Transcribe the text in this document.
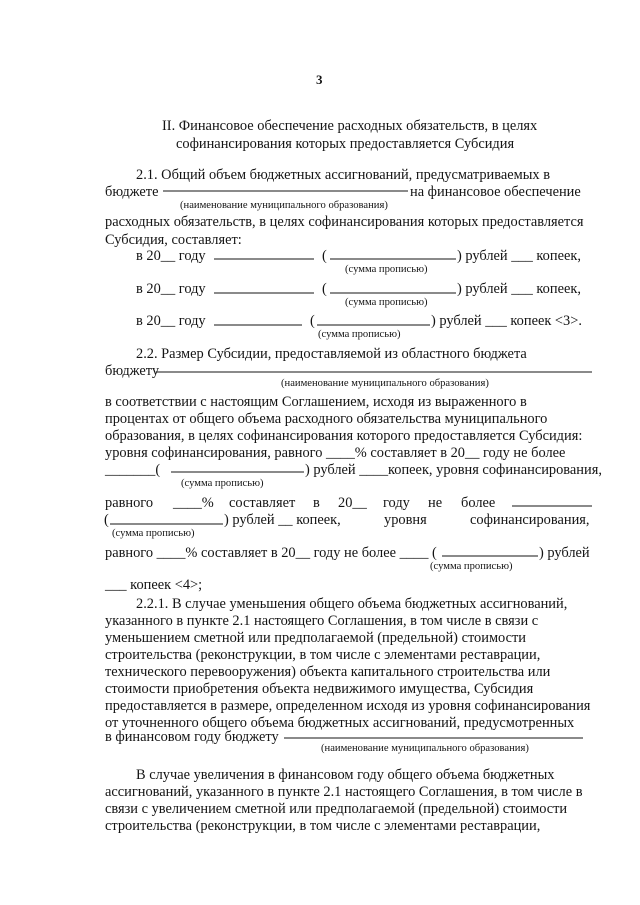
3
II. Финансовое обеспечение расходных обязательств, в целях
софинансирования которых предоставляется Субсидия
2.1. Общий объем бюджетных ассигнований, предусматриваемых в
бюджете	на финансовое обеспечение
(наименование муниципального образования)
расходных обязательств, в целях софинансирования которых предоставляется
Субсидия, составляет:
в 20__ году	(	) рублей ___ копеек,
(сумма прописью)
в 20__ году	(	) рублей ___ копеек,
(сумма прописью)
в 20__ году	(	) рублей ___ копеек <3>.
(сумма прописью)
2.2. Размер Субсидии, предоставляемой из областного бюджета
бюджету
(наименование муниципального образования)
в соответствии с настоящим Соглашением, исходя из выраженного в
процентах от общего объема расходного обязательства муниципального
образования, в целях софинансирования которого предоставляется Субсидия:
уровня софинансирования, равного ____% составляет в 20__ году не более
_______(	) рублей ____копеек, уровня софинансирования,
(сумма прописью)
равного ____% составляет в 20__ году не более
(	) рублей __ копеек,	уровня	софинансирования,
(сумма прописью)
равного ____% составляет в 20__ году не более ____ (	) рублей
(сумма прописью)
___ копеек <4>;
2.2.1. В случае уменьшения общего объема бюджетных ассигнований,
указанного в пункте 2.1 настоящего Соглашения, в том числе в связи с
уменьшением сметной или предполагаемой (предельной) стоимости
строительства (реконструкции, в том числе с элементами реставрации,
технического перевооружения) объекта капитального строительства или
стоимости приобретения объекта недвижимого имущества, Субсидия
предоставляется в размере, определенном исходя из уровня софинансирования
от уточненного общего объема бюджетных ассигнований, предусмотренных
в финансовом году бюджету
(наименование муниципального образования)
В случае увеличения в финансовом году общего объема бюджетных
ассигнований, указанного в пункте 2.1 настоящего Соглашения, в том числе в
связи с увеличением сметной или предполагаемой (предельной) стоимости
строительства (реконструкции, в том числе с элементами реставрации,
